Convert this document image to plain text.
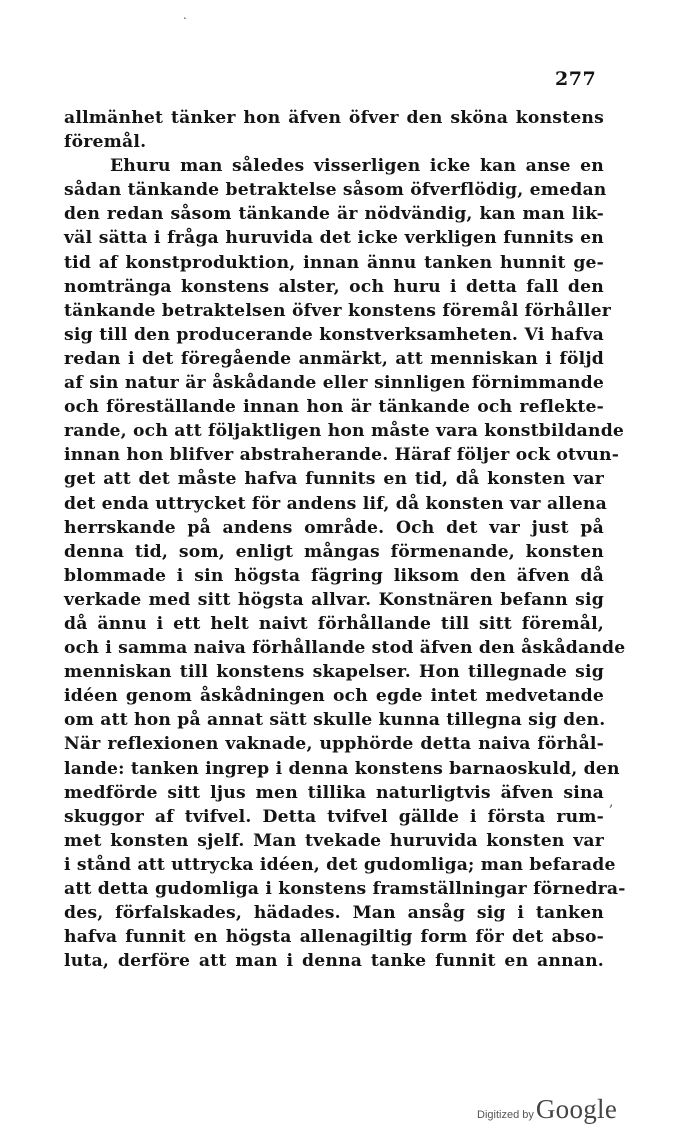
.
277
allmänhet tänker hon äfven öfver den sköna konstens
föremål.
Ehuru man således visserligen icke kan anse en
sådan tänkande betraktelse såsom öfverflödig, emedan
den redan såsom tänkande är nödvändig, kan man lik-
väl sätta i fråga huruvida det icke verkligen funnits en
tid af konstproduktion, innan ännu tanken hunnit ge-
nomtränga konstens alster, och huru i detta fall den
tänkande betraktelsen öfver konstens föremål förhåller
sig till den producerande konstverksamheten. Vi hafva
redan i det föregående anmärkt, att menniskan i följd
af sin natur är åskådande eller sinnligen förnimmande
och föreställande innan hon är tänkande och reflekte-
rande, och att följaktligen hon måste vara konstbildande
innan hon blifver abstraherande. Häraf följer ock otvun-
get att det måste hafva funnits en tid, då konsten var
det enda uttrycket för andens lif, då konsten var allena
herrskande på andens område. Och det var just på
denna tid, som, enligt mångas förmenande, konsten
blommade i sin högsta fägring liksom den äfven då
verkade med sitt högsta allvar. Konstnären befann sig
då ännu i ett helt naivt förhållande till sitt föremål,
och i samma naiva förhållande stod äfven den åskådande
menniskan till konstens skapelser. Hon tillegnade sig
idéen genom åskådningen och egde intet medvetande
om att hon på annat sätt skulle kunna tillegna sig den.
När reflexionen vaknade, upphörde detta naiva förhål-
lande: tanken ingrep i denna konstens barnaoskuld, den
medförde sitt ljus men tillika naturligtvis äfven sina
skuggor af tvifvel. Detta tvifvel gällde i första rum-
met konsten sjelf. Man tvekade huruvida konsten var
i stånd att uttrycka idéen, det gudomliga; man befarade
att detta gudomliga i konstens framställningar förnedra-
des, förfalskades, hädades. Man ansåg sig i tanken
hafva funnit en högsta allenagiltig form för det abso-
luta, derföre att man i denna tanke funnit en annan.
,
Digitized by Google
